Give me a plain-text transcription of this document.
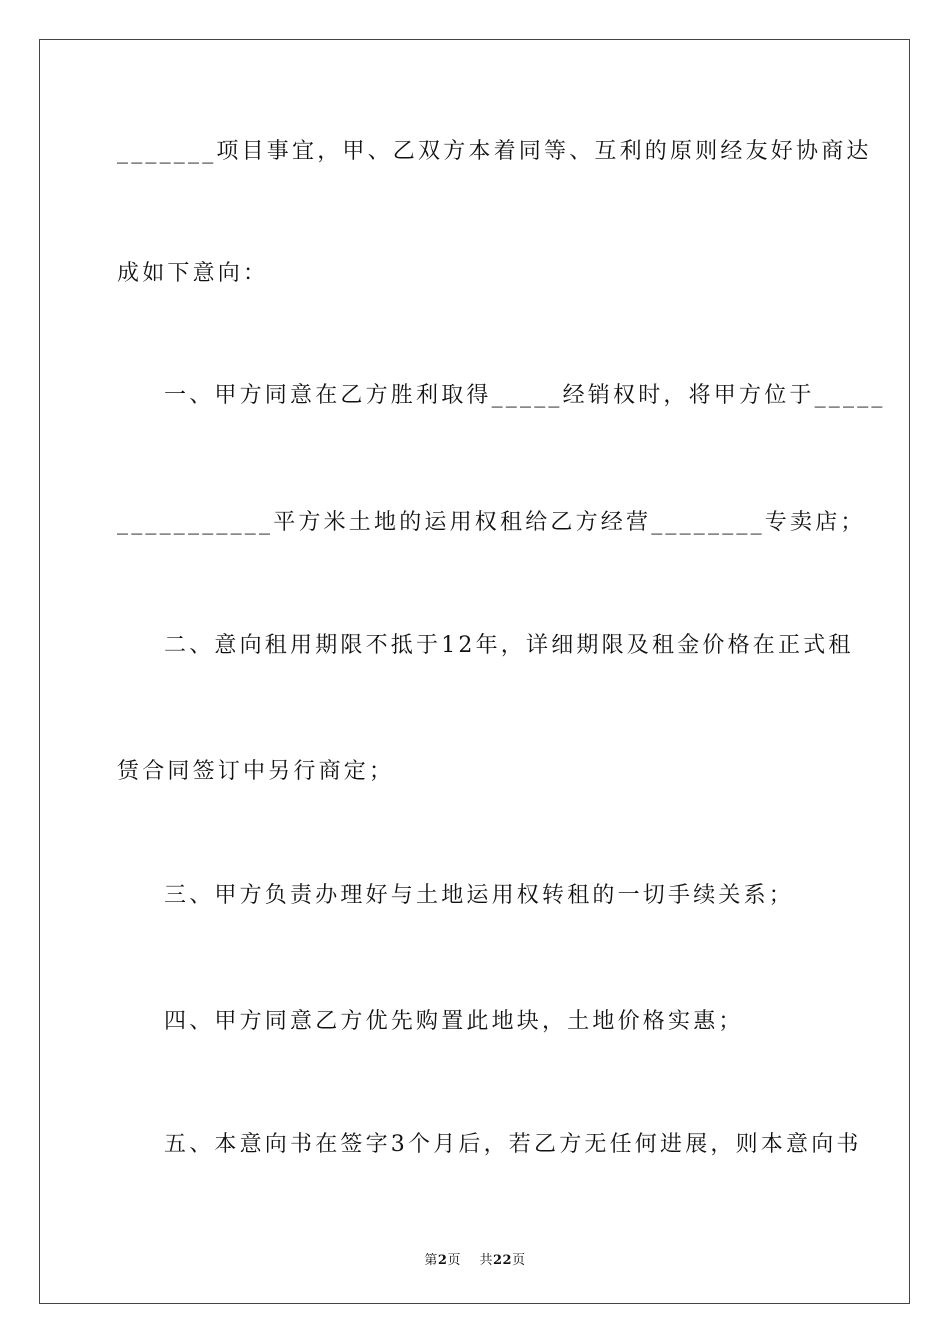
_______项目事宜，甲、乙双方本着同等、互利的原则经友好协商达
成如下意向：
一、甲方同意在乙方胜利取得_____经销权时，将甲方位于_____
___________平方米土地的运用权租给乙方经营________专卖店；
二、意向租用期限不抵于12年，详细期限及租金价格在正式租
赁合同签订中另行商定；
三、甲方负责办理好与土地运用权转租的一切手续关系；
四、甲方同意乙方优先购置此地块，土地价格实惠；
五、本意向书在签字3个月后，若乙方无任何进展，则本意向书
第2页 共22页
